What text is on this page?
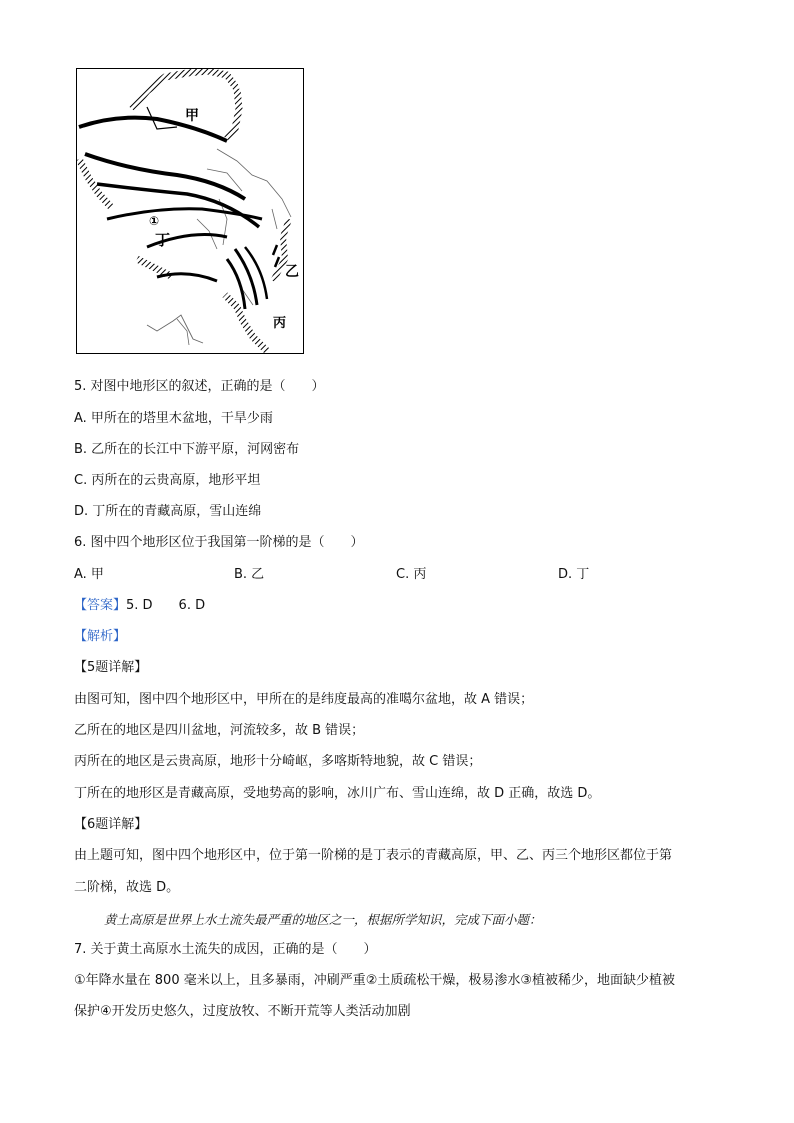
甲
①
丁
乙
丙
5. 对图中地形区的叙述，正确的是（　　）
A. 甲所在的塔里木盆地，干旱少雨
B. 乙所在的长江中下游平原，河网密布
C. 丙所在的云贵高原，地形平坦
D. 丁所在的青藏高原，雪山连绵
6. 图中四个地形区位于我国第一阶梯的是（　　）
A. 甲	B. 乙	C. 丙	D. 丁
【答案】5. D　　6. D
【解析】
【5题详解】
由图可知，图中四个地形区中，甲所在的是纬度最高的准噶尔盆地，故 A 错误；
乙所在的地区是四川盆地，河流较多，故 B 错误；
丙所在的地区是云贵高原，地形十分崎岖，多喀斯特地貌，故 C 错误；
丁所在的地形区是青藏高原，受地势高的影响，冰川广布、雪山连绵，故 D 正确，故选 D。
【6题详解】
由上题可知，图中四个地形区中，位于第一阶梯的是丁表示的青藏高原，甲、乙、丙三个地形区都位于第
二阶梯，故选 D。
黄土高原是世界上水土流失最严重的地区之一，根据所学知识，完成下面小题：
7. 关于黄土高原水土流失的成因，正确的是（　　）
①年降水量在 800 毫米以上，且多暴雨，冲刷严重②土质疏松干燥，极易渗水③植被稀少，地面缺少植被
保护④开发历史悠久，过度放牧、不断开荒等人类活动加剧
